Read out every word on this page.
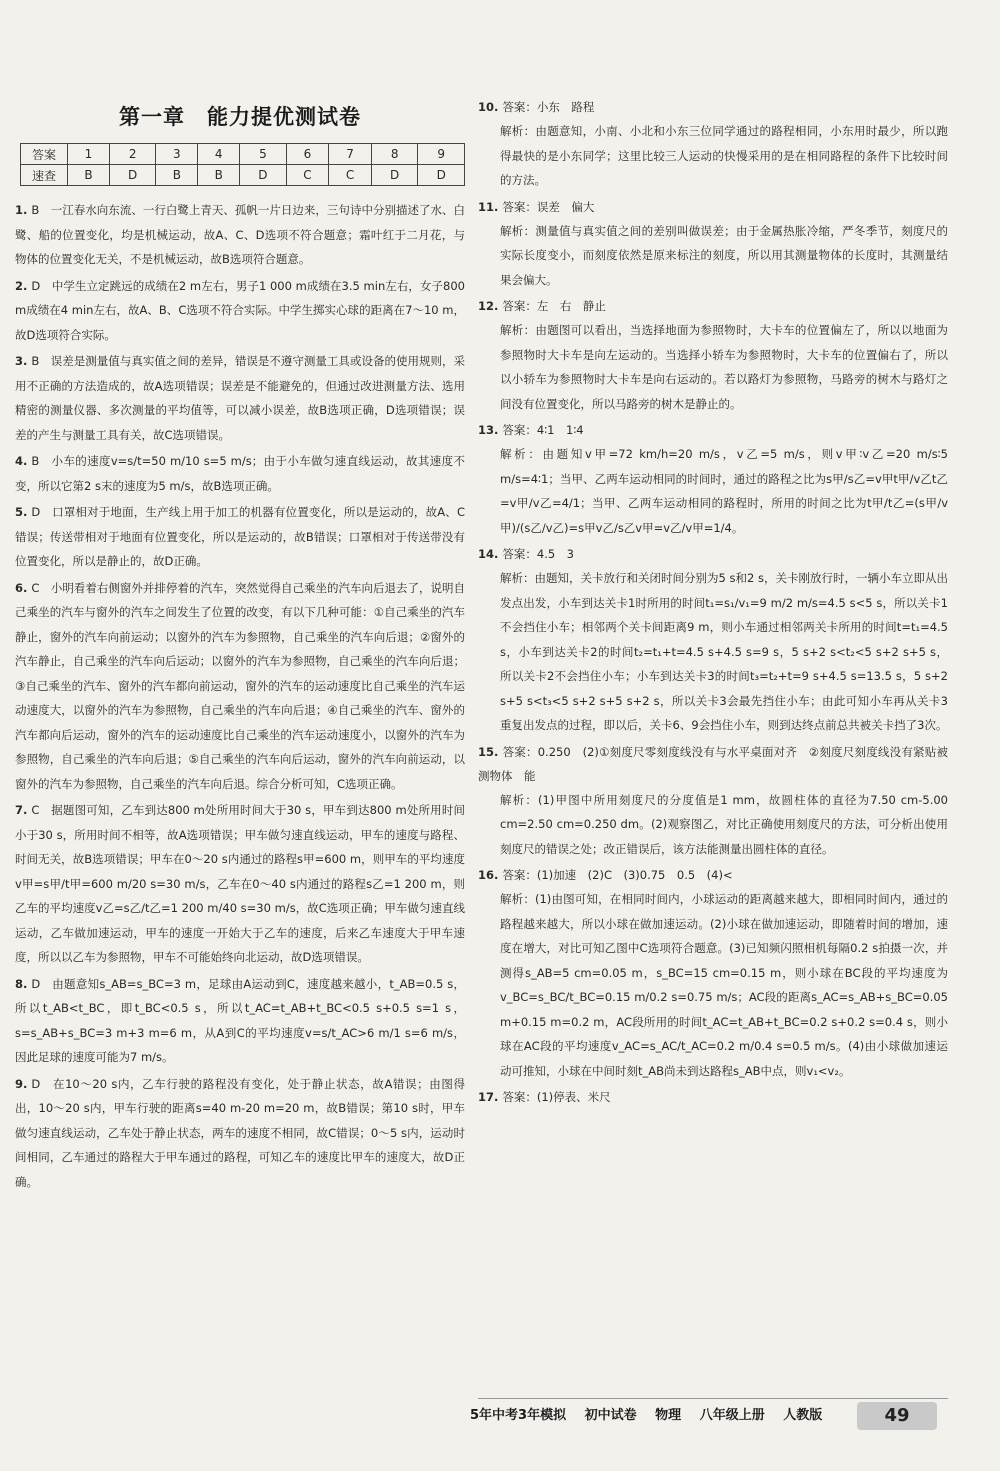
第一章　能力提优测试卷
答案	1	2	3	4	5	6	7	8	9
速查	B	D	B	B	D	C	C	D	D
1. B　一江春水向东流、一行白鹭上青天、孤帆一片日边来，三句诗中分别描述了水、白鹭、船的位置变化，均是机械运动，故A、C、D选项不符合题意；霜叶红于二月花，与物体的位置变化无关，不是机械运动，故B选项符合题意。
2. D　中学生立定跳远的成绩在2 m左右，男子1 000 m成绩在3.5 min左右，女子800 m成绩在4 min左右，故A、B、C选项不符合实际。中学生掷实心球的距离在7～10 m，故D选项符合实际。
3. B　误差是测量值与真实值之间的差异，错误是不遵守测量工具或设备的使用规则，采用不正确的方法造成的，故A选项错误；误差是不能避免的，但通过改进测量方法、选用精密的测量仪器、多次测量的平均值等，可以减小误差，故B选项正确，D选项错误；误差的产生与测量工具有关，故C选项错误。
4. B　小车的速度v=s/t=50 m/10 s=5 m/s；由于小车做匀速直线运动，故其速度不变，所以它第2 s末的速度为5 m/s，故B选项正确。
5. D　口罩相对于地面，生产线上用于加工的机器有位置变化，所以是运动的，故A、C错误；传送带相对于地面有位置变化，所以是运动的，故B错误；口罩相对于传送带没有位置变化，所以是静止的，故D正确。
6. C　小明看着右侧窗外并排停着的汽车，突然觉得自己乘坐的汽车向后退去了，说明自己乘坐的汽车与窗外的汽车之间发生了位置的改变，有以下几种可能：①自己乘坐的汽车静止，窗外的汽车向前运动；以窗外的汽车为参照物，自己乘坐的汽车向后退；②窗外的汽车静止，自己乘坐的汽车向后运动；以窗外的汽车为参照物，自己乘坐的汽车向后退；③自己乘坐的汽车、窗外的汽车都向前运动，窗外的汽车的运动速度比自己乘坐的汽车运动速度大，以窗外的汽车为参照物，自己乘坐的汽车向后退；④自己乘坐的汽车、窗外的汽车都向后运动，窗外的汽车的运动速度比自己乘坐的汽车运动速度小，以窗外的汽车为参照物，自己乘坐的汽车向后退；⑤自己乘坐的汽车向后运动，窗外的汽车向前运动，以窗外的汽车为参照物，自己乘坐的汽车向后退。综合分析可知，C选项正确。
7. C　据题图可知，乙车到达800 m处所用时间大于30 s，甲车到达800 m处所用时间小于30 s，所用时间不相等，故A选项错误；甲车做匀速直线运动，甲车的速度与路程、时间无关，故B选项错误；甲车在0～20 s内通过的路程s甲=600 m，则甲车的平均速度v甲=s甲/t甲=600 m/20 s=30 m/s，乙车在0～40 s内通过的路程s乙=1 200 m，则乙车的平均速度v乙=s乙/t乙=1 200 m/40 s=30 m/s，故C选项正确；甲车做匀速直线运动，乙车做加速运动，甲车的速度一开始大于乙车的速度，后来乙车速度大于甲车速度，所以以乙车为参照物，甲车不可能始终向北运动，故D选项错误。
8. D　由题意知s_AB=s_BC=3 m，足球由A运动到C，速度越来越小，t_AB=0.5 s，所以t_AB<t_BC，即t_BC<0.5 s，所以t_AC=t_AB+t_BC<0.5 s+0.5 s=1 s，s=s_AB+s_BC=3 m+3 m=6 m，从A到C的平均速度v=s/t_AC>6 m/1 s=6 m/s，因此足球的速度可能为7 m/s。
9. D　在10～20 s内，乙车行驶的路程没有变化，处于静止状态，故A错误；由图得出，10～20 s内，甲车行驶的距离s=40 m-20 m=20 m，故B错误；第10 s时，甲车做匀速直线运动，乙车处于静止状态，两车的速度不相同，故C错误；0～5 s内，运动时间相同，乙车通过的路程大于甲车通过的路程，可知乙车的速度比甲车的速度大，故D正确。
10. 答案：小东　路程
解析：由题意知，小南、小北和小东三位同学通过的路程相同，小东用时最少，所以跑得最快的是小东同学；这里比较三人运动的快慢采用的是在相同路程的条件下比较时间的方法。
11. 答案：误差　偏大
解析：测量值与真实值之间的差别叫做误差；由于金属热胀冷缩，严冬季节，刻度尺的实际长度变小，而刻度依然是原来标注的刻度，所以用其测量物体的长度时，其测量结果会偏大。
12. 答案：左　右　静止
解析：由题图可以看出，当选择地面为参照物时，大卡车的位置偏左了，所以以地面为参照物时大卡车是向左运动的。当选择小轿车为参照物时，大卡车的位置偏右了，所以以小轿车为参照物时大卡车是向右运动的。若以路灯为参照物，马路旁的树木与路灯之间没有位置变化，所以马路旁的树木是静止的。
13. 答案：4∶1　1∶4
解析：由题知v甲=72 km/h=20 m/s，v乙=5 m/s，则v甲∶v乙=20 m/s∶5 m/s=4∶1；当甲、乙两车运动相同的时间时，通过的路程之比为s甲/s乙=v甲t甲/v乙t乙=v甲/v乙=4/1；当甲、乙两车运动相同的路程时，所用的时间之比为t甲/t乙=(s甲/v甲)/(s乙/v乙)=s甲v乙/s乙v甲=v乙/v甲=1/4。
14. 答案：4.5　3
解析：由题知，关卡放行和关闭时间分别为5 s和2 s，关卡刚放行时，一辆小车立即从出发点出发，小车到达关卡1时所用的时间t₁=s₁/v₁=9 m/2 m/s=4.5 s<5 s，所以关卡1不会挡住小车；相邻两个关卡间距离9 m，则小车通过相邻两关卡所用的时间t=t₁=4.5 s，小车到达关卡2的时间t₂=t₁+t=4.5 s+4.5 s=9 s，5 s+2 s<t₂<5 s+2 s+5 s，所以关卡2不会挡住小车；小车到达关卡3的时间t₃=t₂+t=9 s+4.5 s=13.5 s，5 s+2 s+5 s<t₃<5 s+2 s+5 s+2 s，所以关卡3会最先挡住小车；由此可知小车再从关卡3重复出发点的过程，即以后，关卡6、9会挡住小车，则到达终点前总共被关卡挡了3次。
15. 答案：0.250　(2)①刻度尺零刻度线没有与水平桌面对齐　②刻度尺刻度线没有紧贴被测物体　能
解析：(1)甲图中所用刻度尺的分度值是1 mm，故圆柱体的直径为7.50 cm-5.00 cm=2.50 cm=0.250 dm。(2)观察图乙，对比正确使用刻度尺的方法，可分析出使用刻度尺的错误之处；改正错误后，该方法能测量出圆柱体的直径。
16. 答案：(1)加速　(2)C　(3)0.75　0.5　(4)<
解析：(1)由图可知，在相同时间内，小球运动的距离越来越大，即相同时间内，通过的路程越来越大，所以小球在做加速运动。(2)小球在做加速运动，即随着时间的增加，速度在增大，对比可知乙图中C选项符合题意。(3)已知频闪照相机每隔0.2 s拍摄一次，并测得s_AB=5 cm=0.05 m，s_BC=15 cm=0.15 m，则小球在BC段的平均速度为v_BC=s_BC/t_BC=0.15 m/0.2 s=0.75 m/s；AC段的距离s_AC=s_AB+s_BC=0.05 m+0.15 m=0.2 m，AC段所用的时间t_AC=t_AB+t_BC=0.2 s+0.2 s=0.4 s，则小球在AC段的平均速度v_AC=s_AC/t_AC=0.2 m/0.4 s=0.5 m/s。(4)由小球做加速运动可推知，小球在中间时刻t_AB尚未到达路程s_AB中点，则v₁<v₂。
17. 答案：(1)停表、米尺
5年中考3年模拟 初中试卷 物理 八年级上册 人教版	49
